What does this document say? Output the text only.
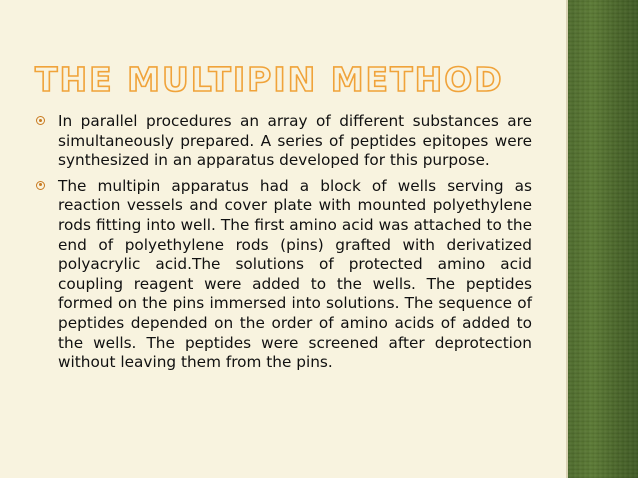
THE MULTIPIN METHOD
In parallel procedures an array of different substances are simultaneously prepared. A series of peptides epitopes were synthesized in an apparatus developed for this purpose.
The multipin apparatus had a block of wells serving as reaction vessels and cover plate with mounted polyethylene rods fitting into well. The first amino acid was attached to the end of polyethylene rods (pins) grafted with derivatized polyacrylic acid.The solutions of protected amino acid coupling reagent were added to the wells. The peptides formed on the pins immersed into solutions. The sequence of peptides depended on the order of amino acids of added to the wells. The peptides were screened after deprotection without leaving them from the pins.
